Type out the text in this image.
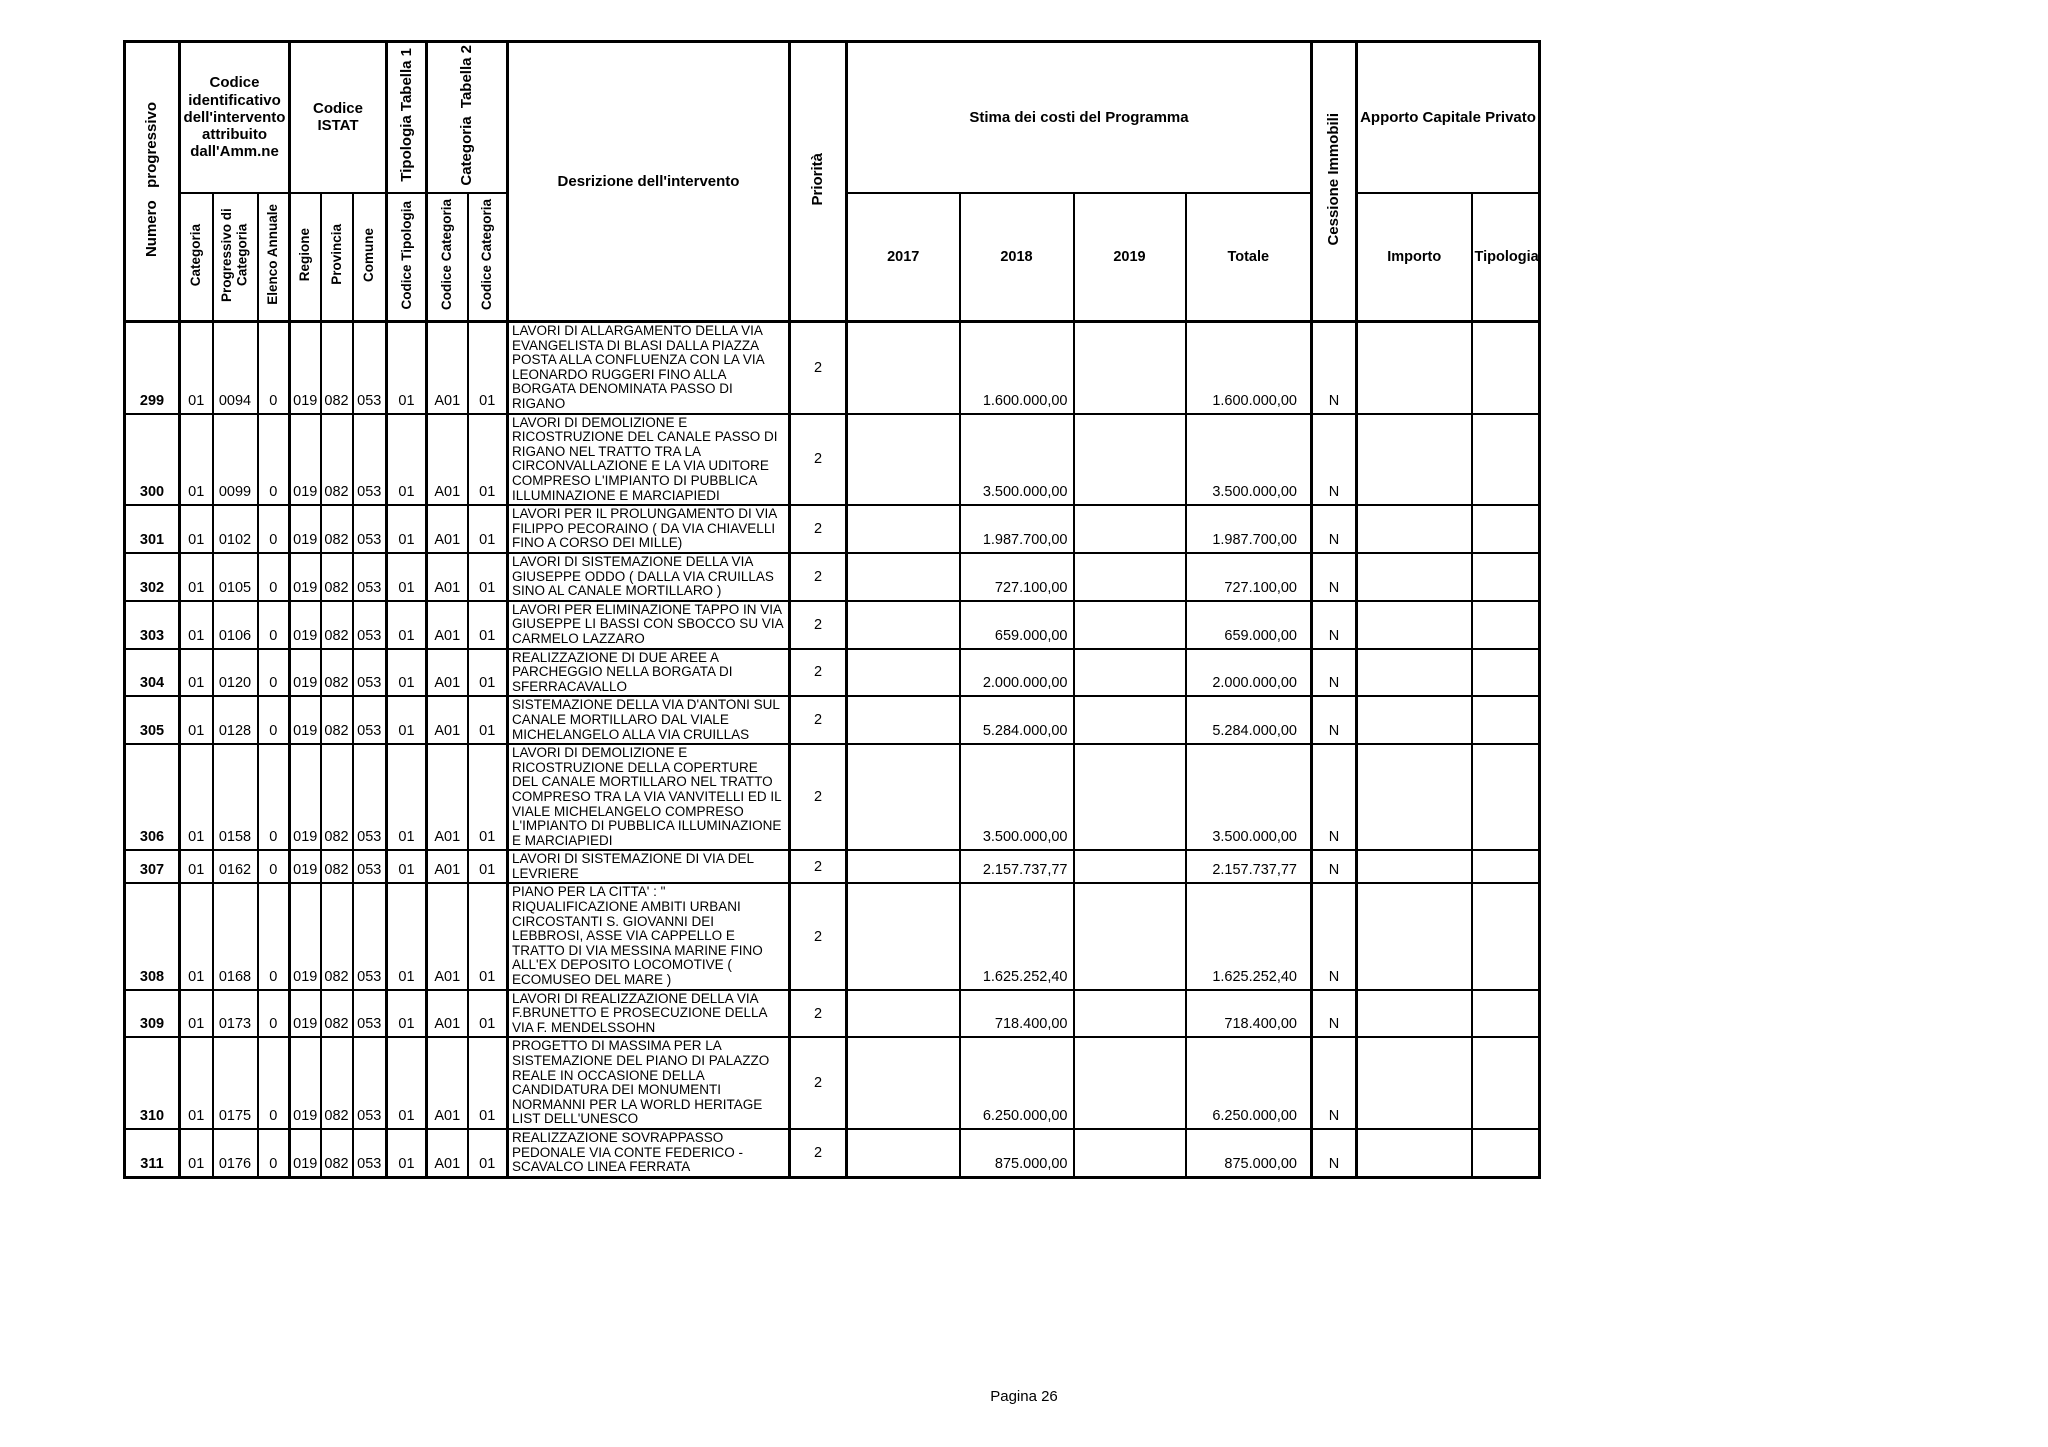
Numero   progressivo	Codice identificativo dell'intervento attribuito dall'Amm.ne			Codice ISTAT			Tipologia Tabella 1	Categoria  Tabella 2		Desrizione dell'intervento	Priorità	Stima dei costi del Programma				Cessione Immobili	Apporto Capitale Privato	
	Categoria	Progressivo di Categoria	Elenco Annuale	Regione	Provincia	Comune	Codice Tipologia	Codice Categoria	Codice Categoria			2017	2018	2019	Totale		Importo	Tipologia
299	01	0094	0	019	082	053	01	A01	01	LAVORI DI ALLARGAMENTO DELLA VIA EVANGELISTA DI BLASI DALLA PIAZZA POSTA ALLA CONFLUENZA CON LA VIA LEONARDO RUGGERI FINO ALLA BORGATA DENOMINATA PASSO DI RIGANO	2		1.600.000,00		1.600.000,00	N		
300	01	0099	0	019	082	053	01	A01	01	LAVORI DI DEMOLIZIONE E RICOSTRUZIONE DEL CANALE PASSO DI RIGANO NEL TRATTO TRA LA CIRCONVALLAZIONE E LA VIA UDITORE COMPRESO L'IMPIANTO DI PUBBLICA ILLUMINAZIONE E MARCIAPIEDI	2		3.500.000,00		3.500.000,00	N		
301	01	0102	0	019	082	053	01	A01	01	LAVORI PER IL PROLUNGAMENTO DI VIA FILIPPO PECORAINO ( DA VIA CHIAVELLI FINO A CORSO DEI MILLE)	2		1.987.700,00		1.987.700,00	N		
302	01	0105	0	019	082	053	01	A01	01	LAVORI DI SISTEMAZIONE DELLA VIA GIUSEPPE ODDO ( DALLA VIA CRUILLAS SINO AL CANALE MORTILLARO )	2		727.100,00		727.100,00	N		
303	01	0106	0	019	082	053	01	A01	01	LAVORI PER ELIMINAZIONE TAPPO IN VIA GIUSEPPE LI BASSI CON SBOCCO SU VIA CARMELO LAZZARO	2		659.000,00		659.000,00	N		
304	01	0120	0	019	082	053	01	A01	01	REALIZZAZIONE DI DUE AREE A PARCHEGGIO NELLA BORGATA DI SFERRACAVALLO	2		2.000.000,00		2.000.000,00	N		
305	01	0128	0	019	082	053	01	A01	01	SISTEMAZIONE DELLA VIA D'ANTONI SUL CANALE MORTILLARO DAL VIALE MICHELANGELO ALLA VIA CRUILLAS	2		5.284.000,00		5.284.000,00	N		
306	01	0158	0	019	082	053	01	A01	01	LAVORI DI DEMOLIZIONE E RICOSTRUZIONE DELLA COPERTURE DEL CANALE MORTILLARO NEL TRATTO COMPRESO TRA LA VIA VANVITELLI ED IL VIALE MICHELANGELO COMPRESO L'IMPIANTO DI PUBBLICA ILLUMINAZIONE E MARCIAPIEDI	2		3.500.000,00		3.500.000,00	N		
307	01	0162	0	019	082	053	01	A01	01	LAVORI DI SISTEMAZIONE DI VIA DEL LEVRIERE	2		2.157.737,77		2.157.737,77	N		
308	01	0168	0	019	082	053	01	A01	01	PIANO PER LA CITTA' : " RIQUALIFICAZIONE AMBITI URBANI CIRCOSTANTI S. GIOVANNI DEI LEBBROSI, ASSE VIA CAPPELLO E TRATTO DI VIA MESSINA MARINE FINO ALL'EX DEPOSITO LOCOMOTIVE ( ECOMUSEO DEL MARE )	2		1.625.252,40		1.625.252,40	N		
309	01	0173	0	019	082	053	01	A01	01	LAVORI DI REALIZZAZIONE DELLA VIA F.BRUNETTO E PROSECUZIONE DELLA VIA F. MENDELSSOHN	2		718.400,00		718.400,00	N		
310	01	0175	0	019	082	053	01	A01	01	PROGETTO DI MASSIMA PER LA SISTEMAZIONE DEL PIANO DI PALAZZO REALE IN OCCASIONE DELLA CANDIDATURA DEI MONUMENTI NORMANNI PER LA WORLD HERITAGE LIST DELL'UNESCO	2		6.250.000,00		6.250.000,00	N		
311	01	0176	0	019	082	053	01	A01	01	REALIZZAZIONE SOVRAPPASSO PEDONALE VIA CONTE FEDERICO - SCAVALCO LINEA FERRATA	2		875.000,00		875.000,00	N		
Pagina 26
